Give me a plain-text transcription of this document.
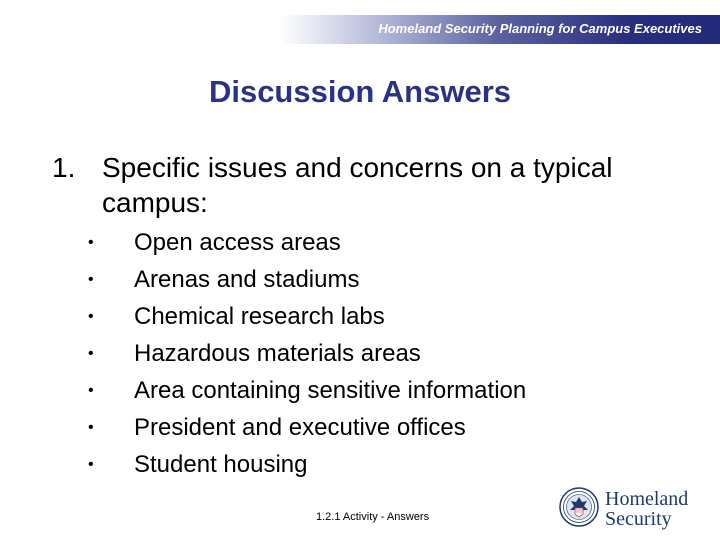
Homeland Security Planning for Campus Executives
Discussion Answers
1. Specific issues and concerns on a typical campus:
• Open access areas
• Arenas and stadiums
• Chemical research labs
• Hazardous materials areas
• Area containing sensitive information
• President and executive offices
• Student housing
1.2.1 Activity - Answers
Homeland
Security
